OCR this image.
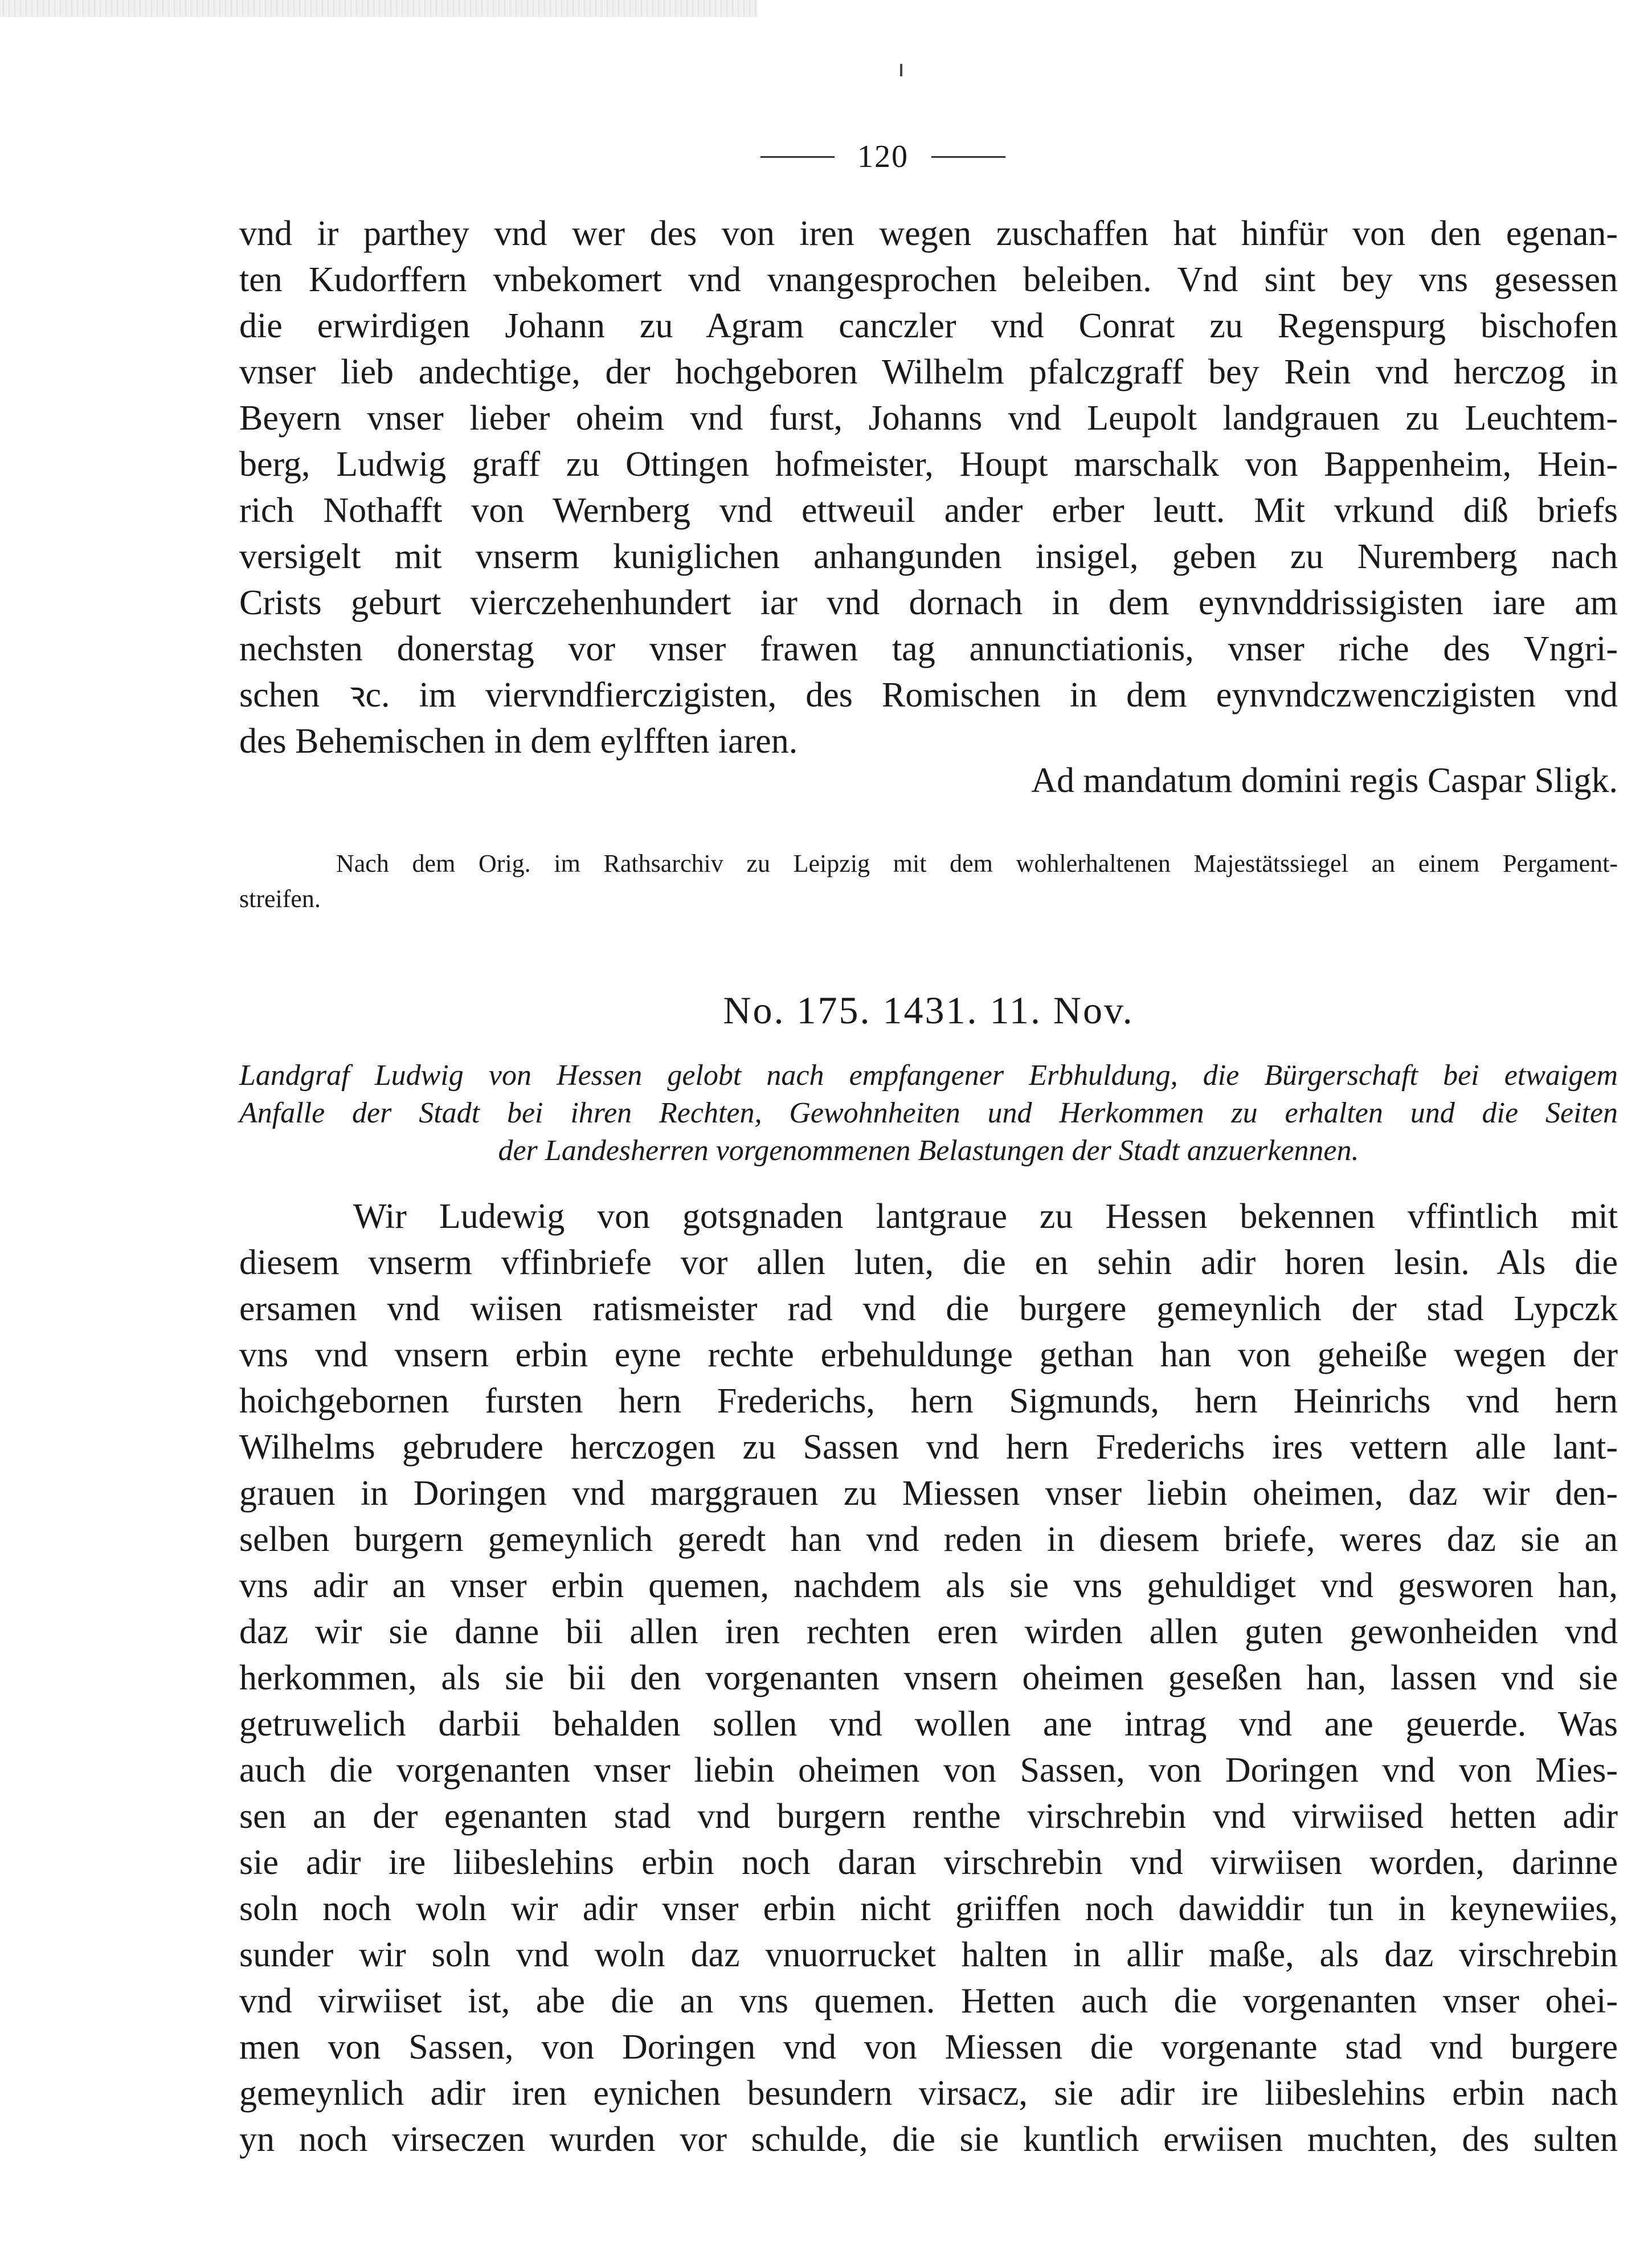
120
vnd ir parthey vnd wer des von iren wegen zuschaffen hat hinfür von den egenan-
ten Kudorffern vnbekomert vnd vnangesprochen beleiben. Vnd sint bey vns gesessen
die erwirdigen Johann zu Agram canczler vnd Conrat zu Regenspurg bischofen
vnser lieb andechtige, der hochgeboren Wilhelm pfalczgraff bey Rein vnd herczog in
Beyern vnser lieber oheim vnd furst, Johanns vnd Leupolt landgrauen zu Leuchtem-
berg, Ludwig graff zu Ottingen hofmeister, Houpt marschalk von Bappenheim, Hein-
rich Nothafft von Wernberg vnd ettweuil ander erber leutt. Mit vrkund diß briefs
versigelt mit vnserm kuniglichen anhangunden insigel, geben zu Nuremberg nach
Crists geburt vierczehenhundert iar vnd dornach in dem eynvnddrissigisten iare am
nechsten donerstag vor vnser frawen tag annunctiationis, vnser riche des Vngri-
schen ꝛc. im viervndfierczigisten, des Romischen in dem eynvndczwenczigisten vnd
des Behemischen in dem eylfften iaren.
Ad mandatum domini regis Caspar Sligk.
Nach dem Orig. im Rathsarchiv zu Leipzig mit dem wohlerhaltenen Majestätssiegel an einem Pergament-
streifen.
No. 175. 1431. 11. Nov.
Landgraf Ludwig von Hessen gelobt nach empfangener Erbhuldung, die Bürgerschaft bei etwaigem
Anfalle der Stadt bei ihren Rechten, Gewohnheiten und Herkommen zu erhalten und die Seiten
der Landesherren vorgenommenen Belastungen der Stadt anzuerkennen.
Wir Ludewig von gotsgnaden lantgraue zu Hessen bekennen vffintlich mit
diesem vnserm vffinbriefe vor allen luten, die en sehin adir horen lesin. Als die
ersamen vnd wiisen ratismeister rad vnd die burgere gemeynlich der stad Lypczk
vns vnd vnsern erbin eyne rechte erbehuldunge gethan han von geheiße wegen der
hoichgebornen fursten hern Frederichs, hern Sigmunds, hern Heinrichs vnd hern
Wilhelms gebrudere herczogen zu Sassen vnd hern Frederichs ires vettern alle lant-
grauen in Doringen vnd marggrauen zu Miessen vnser liebin oheimen, daz wir den-
selben burgern gemeynlich geredt han vnd reden in diesem briefe, weres daz sie an
vns adir an vnser erbin quemen, nachdem als sie vns gehuldiget vnd gesworen han,
daz wir sie danne bii allen iren rechten eren wirden allen guten gewonheiden vnd
herkommen, als sie bii den vorgenanten vnsern oheimen geseßen han, lassen vnd sie
getruwelich darbii behalden sollen vnd wollen ane intrag vnd ane geuerde. Was
auch die vorgenanten vnser liebin oheimen von Sassen, von Doringen vnd von Mies-
sen an der egenanten stad vnd burgern renthe virschrebin vnd virwiised hetten adir
sie adir ire liibeslehins erbin noch daran virschrebin vnd virwiisen worden, darinne
soln noch woln wir adir vnser erbin nicht griiffen noch dawiddir tun in keynewiies,
sunder wir soln vnd woln daz vnuorrucket halten in allir maße, als daz virschrebin
vnd virwiiset ist, abe die an vns quemen. Hetten auch die vorgenanten vnser ohei-
men von Sassen, von Doringen vnd von Miessen die vorgenante stad vnd burgere
gemeynlich adir iren eynichen besundern virsacz, sie adir ire liibeslehins erbin nach
yn noch virseczen wurden vor schulde, die sie kuntlich erwiisen muchten, des sulten
